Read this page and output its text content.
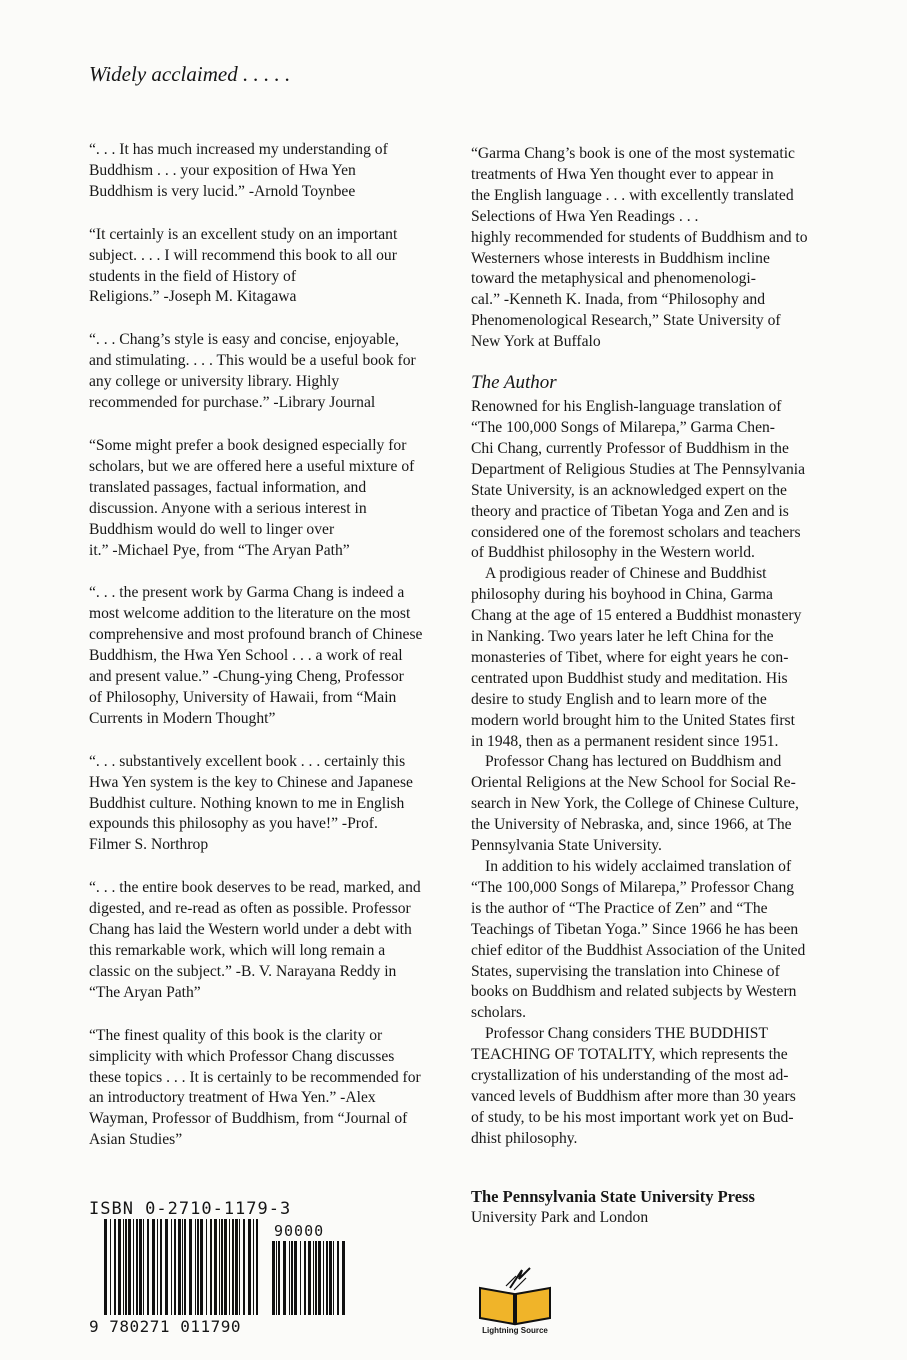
Widely acclaimed . . . . .

“. . . It has much increased my understanding of
Buddhism . . . your exposition of Hwa Yen
Buddhism is very lucid.” -Arnold Toynbee

“It certainly is an excellent study on an important
subject. . . . I will recommend this book to all our
students in the field of History of
Religions.” -Joseph M. Kitagawa

“. . . Chang’s style is easy and concise, enjoyable,
and stimulating. . . . This would be a useful book for
any college or university library. Highly
recommended for purchase.” -Library Journal

“Some might prefer a book designed especially for
scholars, but we are offered here a useful mixture of
translated passages, factual information, and
discussion. Anyone with a serious interest in
Buddhism would do well to linger over
it.” -Michael Pye, from “The Aryan Path”

“. . . the present work by Garma Chang is indeed a
most welcome addition to the literature on the most
comprehensive and most profound branch of Chinese
Buddhism, the Hwa Yen School . . . a work of real
and present value.” -Chung-ying Cheng, Professor
of Philosophy, University of Hawaii, from “Main
Currents in Modern Thought”

“. . . substantively excellent book . . . certainly this
Hwa Yen system is the key to Chinese and Japanese
Buddhist culture. Nothing known to me in English
expounds this philosophy as you have!” -Prof.
Filmer S. Northrop

“. . . the entire book deserves to be read, marked, and
digested, and re-read as often as possible. Professor
Chang has laid the Western world under a debt with
this remarkable work, which will long remain a
classic on the subject.” -B. V. Narayana Reddy in
“The Aryan Path”

“The finest quality of this book is the clarity or
simplicity with which Professor Chang discusses
these topics . . . It is certainly to be recommended for
an introductory treatment of Hwa Yen.” -Alex
Wayman, Professor of Buddhism, from “Journal of
Asian Studies”

“Garma Chang’s book is one of the most systematic
treatments of Hwa Yen thought ever to appear in
the English language . . . with excellently translated
Selections of Hwa Yen Readings . . .
highly recommended for students of Buddhism and to
Westerners whose interests in Buddhism incline
toward the metaphysical and phenomenologi-
cal.” -Kenneth K. Inada, from “Philosophy and
Phenomenological Research,” State University of
New York at Buffalo

The Author

Renowned for his English-language translation of
“The 100,000 Songs of Milarepa,” Garma Chen-
Chi Chang, currently Professor of Buddhism in the
Department of Religious Studies at The Pennsylvania
State University, is an acknowledged expert on the
theory and practice of Tibetan Yoga and Zen and is
considered one of the foremost scholars and teachers
of Buddhist philosophy in the Western world.

A prodigious reader of Chinese and Buddhist
philosophy during his boyhood in China, Garma
Chang at the age of 15 entered a Buddhist monastery
in Nanking. Two years later he left China for the
monasteries of Tibet, where for eight years he con-
centrated upon Buddhist study and meditation. His
desire to study English and to learn more of the
modern world brought him to the United States first
in 1948, then as a permanent resident since 1951.

Professor Chang has lectured on Buddhism and
Oriental Religions at the New School for Social Re-
search in New York, the College of Chinese Culture,
the University of Nebraska, and, since 1966, at The
Pennsylvania State University.

In addition to his widely acclaimed translation of
“The 100,000 Songs of Milarepa,” Professor Chang
is the author of “The Practice of Zen” and “The
Teachings of Tibetan Yoga.” Since 1966 he has been
chief editor of the Buddhist Association of the United
States, supervising the translation into Chinese of
books on Buddhism and related subjects by Western
scholars.

Professor Chang considers THE BUDDHIST
TEACHING OF TOTALITY, which represents the
crystallization of his understanding of the most ad-
vanced levels of Buddhism after more than 30 years
of study, to be his most important work yet on Bud-
dhist philosophy.

The Pennsylvania State University Press
University Park and London
ISBN 0-2710-1179-3
90000
9 780271 011790	Lightning Source
